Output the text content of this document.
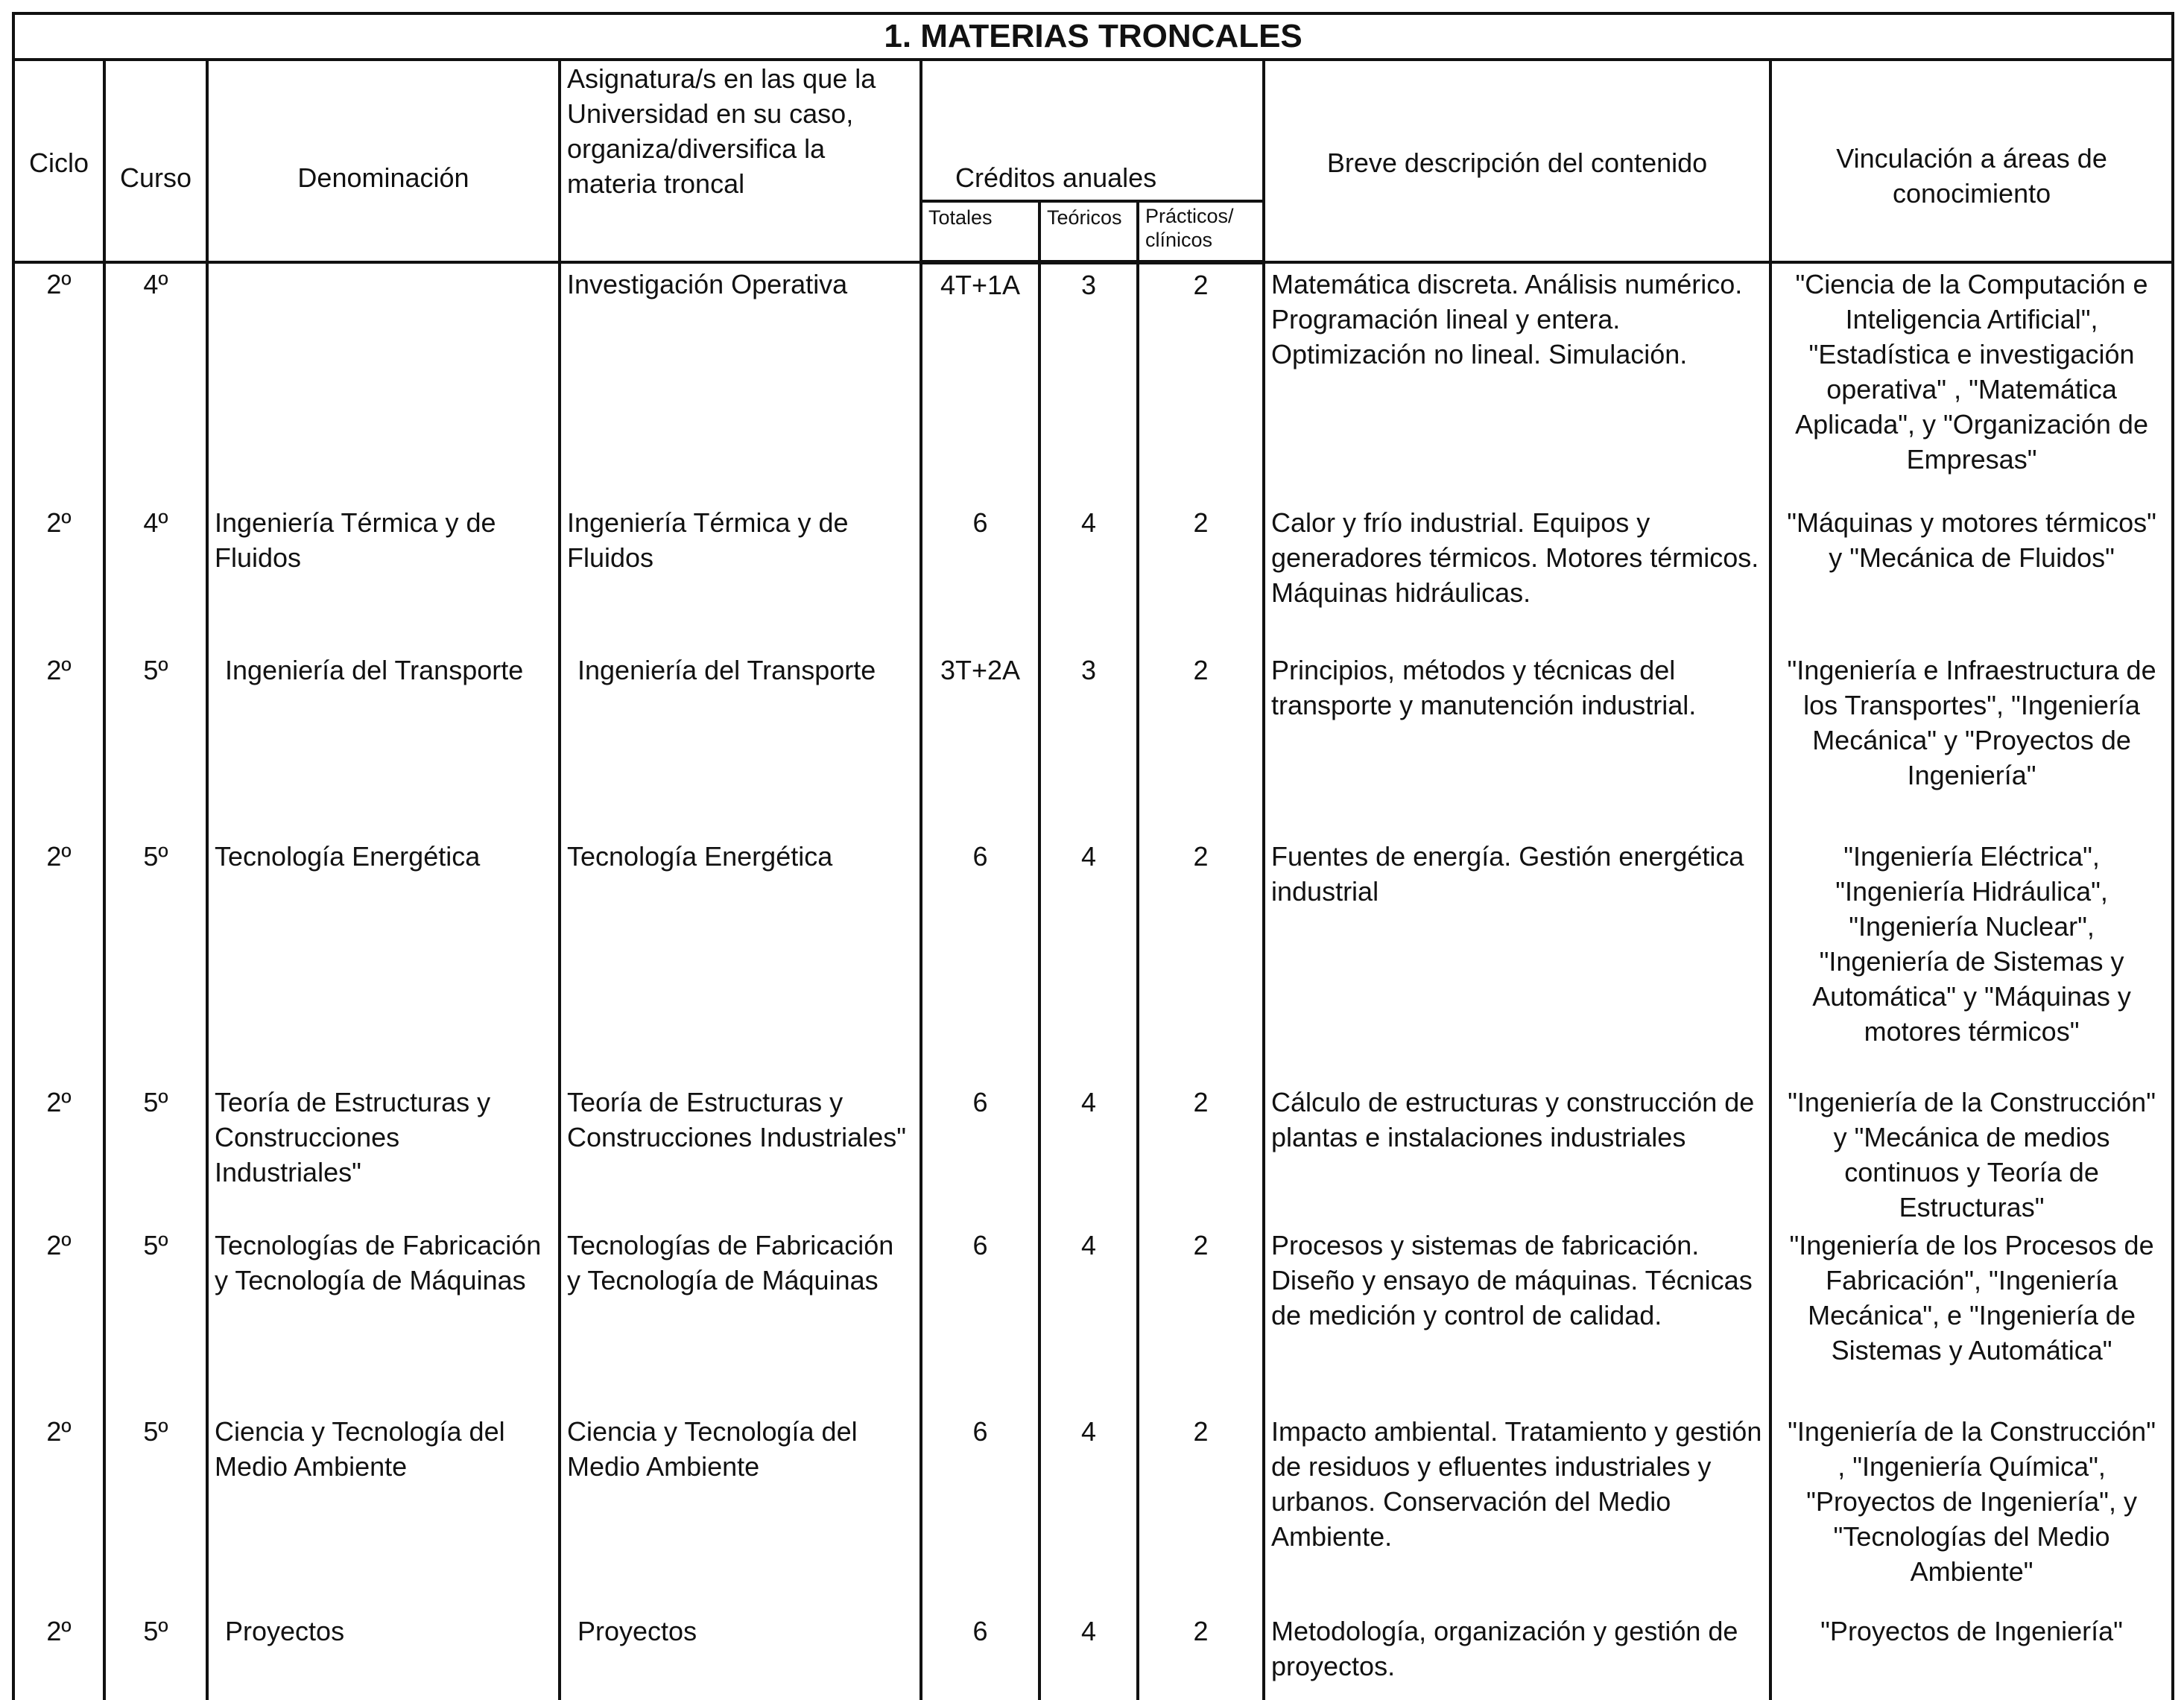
1. MATERIAS TRONCALES								
Ciclo	Curso	Denominación	Asignatura/s en las que la Universidad en su caso, organiza/diversifica la materia troncal	Créditos anuales			Breve descripción del contenido	Vinculación a áreas de conocimiento
				Totales	Teóricos	Prácticos/ clínicos		
2º	4º		Investigación Operativa	4T+1A	3	2	Matemática discreta. Análisis numérico. Programación lineal y entera. Optimización no lineal. Simulación.	"Ciencia de la Computación e Inteligencia Artificial", "Estadística e investigación operativa" , "Matemática Aplicada", y "Organización de Empresas"
2º	4º	Ingeniería Térmica y de Fluidos	Ingeniería Térmica y de Fluidos	6	4	2	Calor y frío industrial. Equipos y generadores térmicos. Motores térmicos. Máquinas hidráulicas.	"Máquinas y motores térmicos" y "Mecánica de Fluidos"
2º	5º	Ingeniería del Transporte	Ingeniería del Transporte	3T+2A	3	2	Principios, métodos y técnicas del transporte y manutención industrial.	"Ingeniería e Infraestructura de los Transportes", "Ingeniería Mecánica" y "Proyectos de Ingeniería"
2º	5º	Tecnología Energética	Tecnología Energética	6	4	2	Fuentes de energía. Gestión energética industrial	"Ingeniería Eléctrica", "Ingeniería Hidráulica", "Ingeniería Nuclear", "Ingeniería de Sistemas y Automática" y "Máquinas y motores térmicos"
2º	5º	Teoría de Estructuras y Construcciones Industriales"	Teoría de Estructuras y Construcciones Industriales"	6	4	2	Cálculo de estructuras y construcción de plantas e instalaciones industriales	"Ingeniería de la Construcción" y "Mecánica de medios continuos y Teoría de Estructuras"
2º	5º	Tecnologías de Fabricación y Tecnología de Máquinas	Tecnologías de Fabricación y Tecnología de Máquinas	6	4	2	Procesos y sistemas de fabricación. Diseño y ensayo de máquinas. Técnicas de medición y control de calidad.	"Ingeniería de los Procesos de Fabricación", "Ingeniería Mecánica", e "Ingeniería de Sistemas y Automática"
2º	5º	Ciencia y Tecnología del Medio Ambiente	Ciencia y Tecnología del Medio Ambiente	6	4	2	Impacto ambiental. Tratamiento y gestión de residuos y efluentes industriales y urbanos. Conservación del Medio Ambiente.	"Ingeniería de la Construcción" , "Ingeniería Química", "Proyectos de Ingeniería", y "Tecnologías del Medio Ambiente"
2º	5º	Proyectos	Proyectos	6	4	2	Metodología, organización y gestión de proyectos.	"Proyectos de Ingeniería"
